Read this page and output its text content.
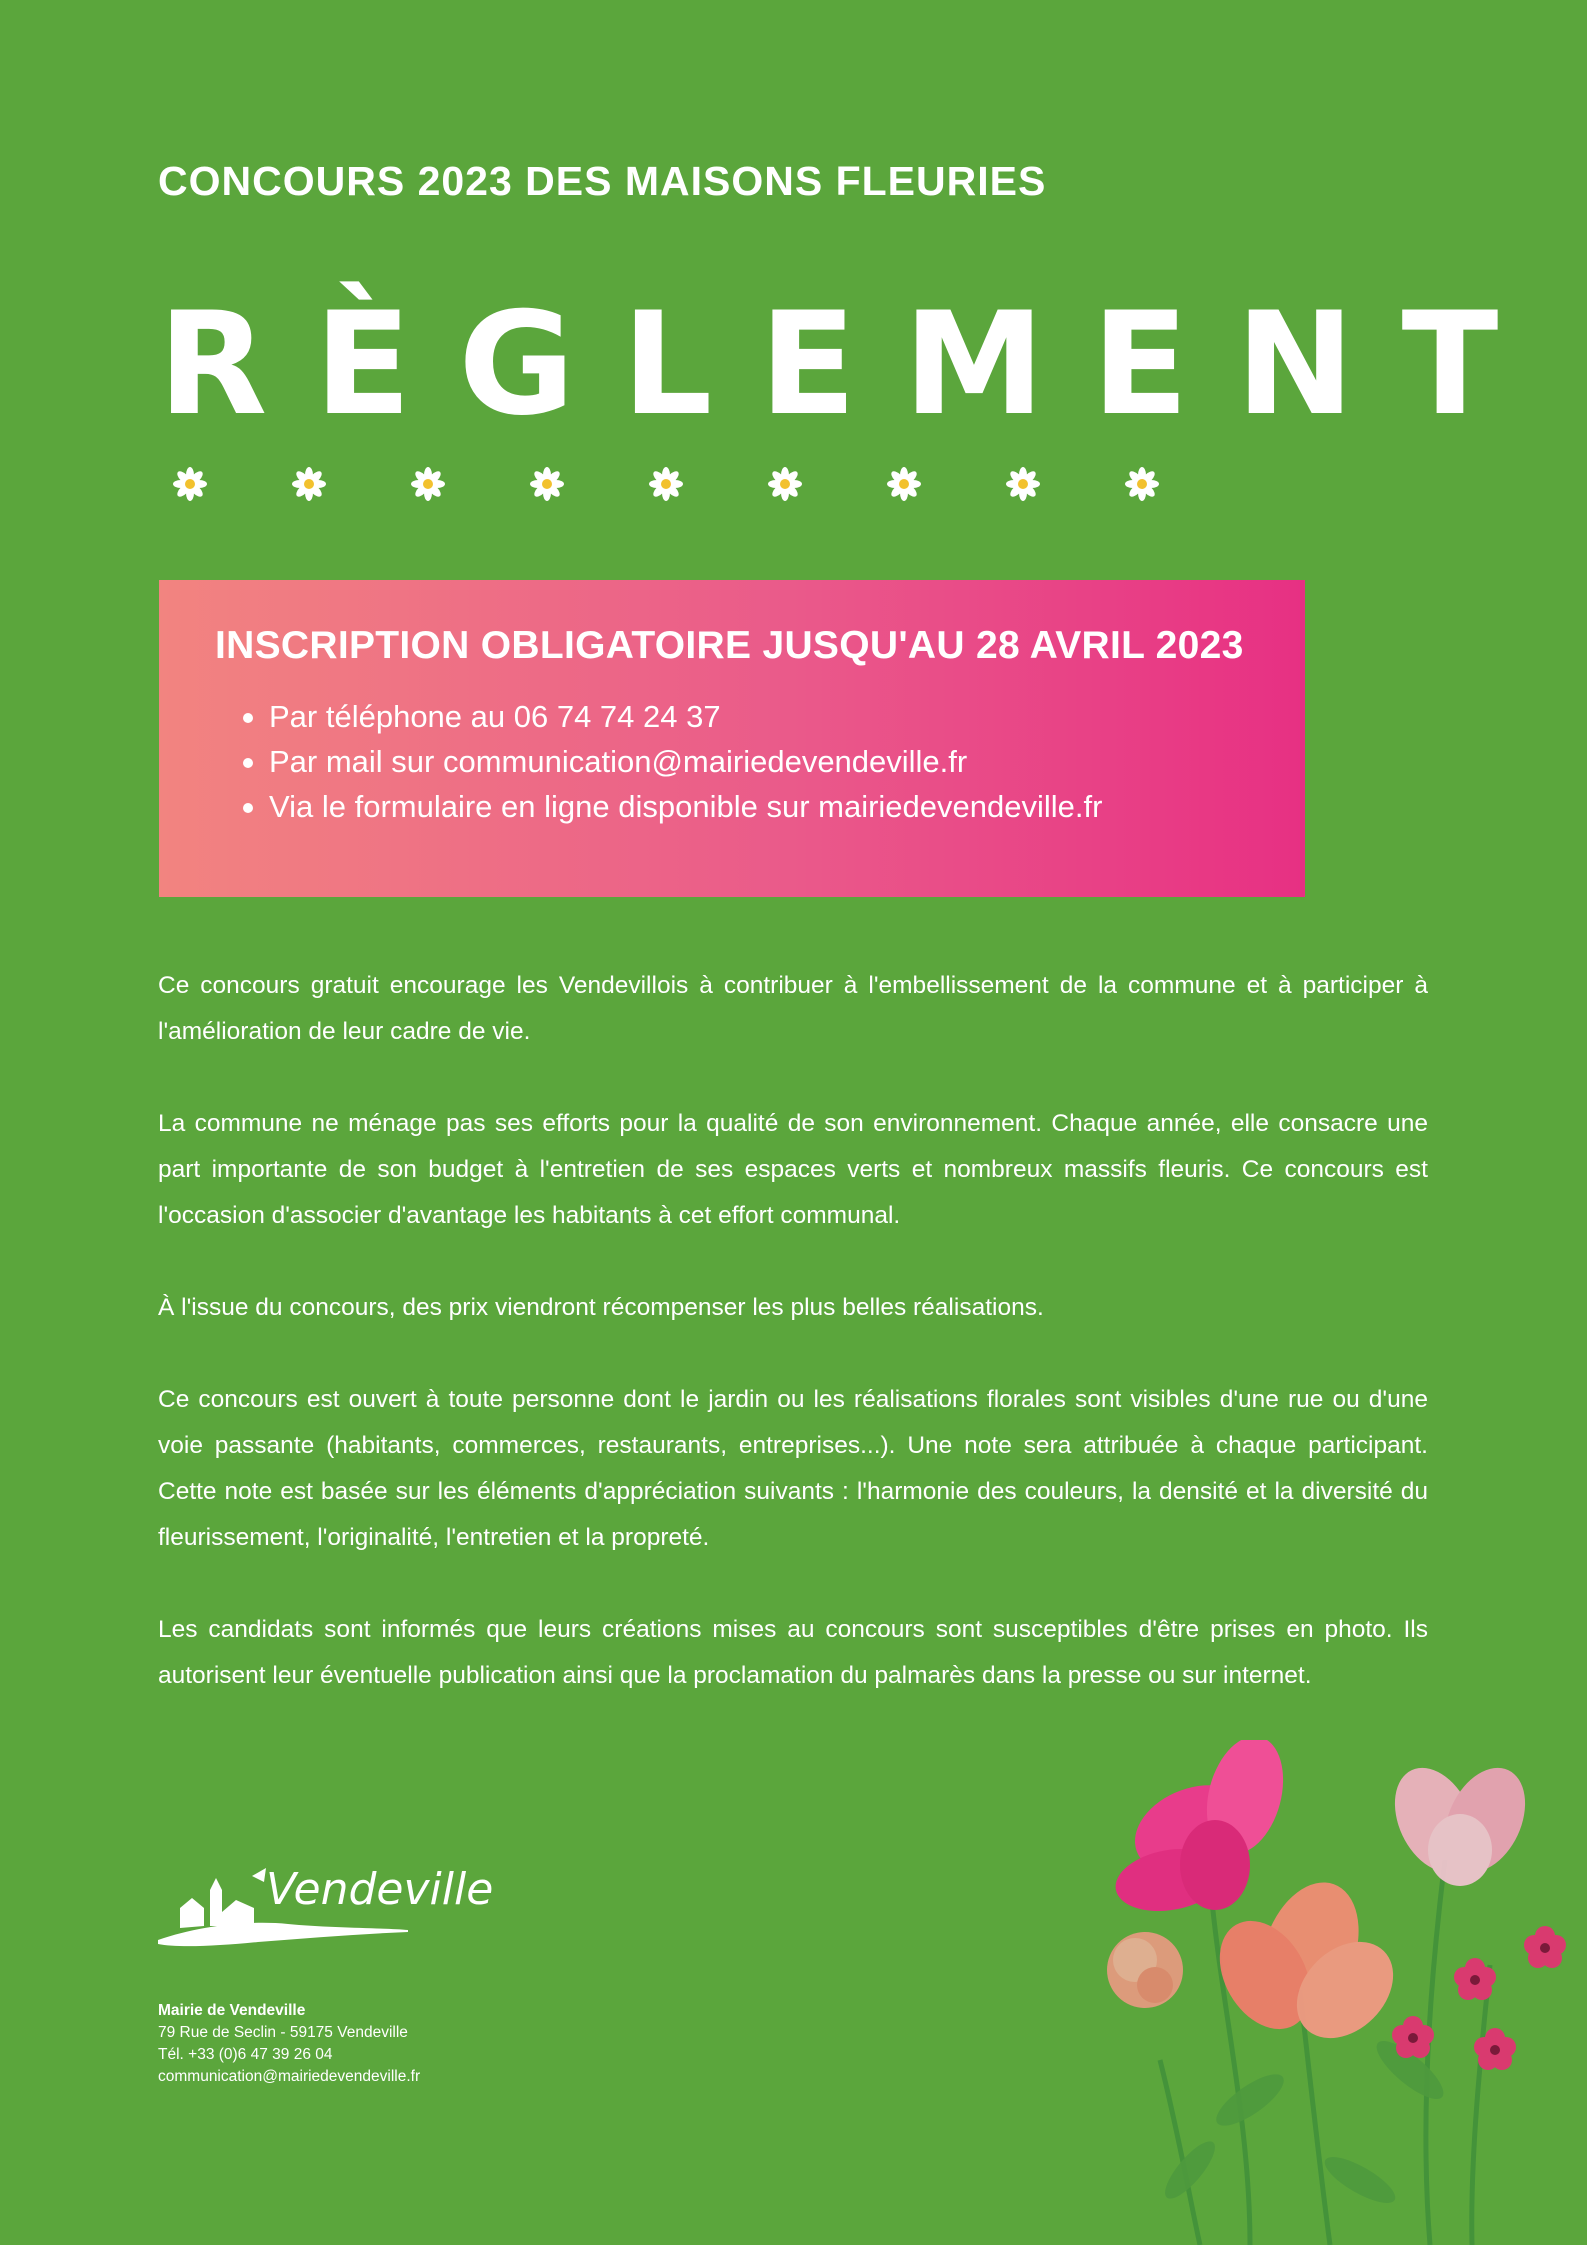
CONCOURS 2023 DES MAISONS FLEURIES
RÈGLEMENT
INSCRIPTION OBLIGATOIRE JUSQU'AU 28 AVRIL 2023
Par téléphone au 06 74 74 24 37
Par mail sur communication@mairiedevendeville.fr
Via le formulaire en ligne disponible sur mairiedevendeville.fr

Ce concours gratuit encourage les Vendevillois à contribuer à l'embellissement de la commune et à participer à l'amélioration de leur cadre de vie.

La commune ne ménage pas ses efforts pour la qualité de son environnement. Chaque année, elle consacre une part importante de son budget à l'entretien de ses espaces verts et nombreux massifs fleuris. Ce concours est l'occasion d'associer d'avantage les habitants à cet effort communal.

À l'issue du concours, des prix viendront récompenser les plus belles réalisations.

Ce concours est ouvert à toute personne dont le jardin ou les réalisations florales sont visibles d'une rue ou d'une voie passante (habitants, commerces, restaurants, entreprises...). Une note sera attribuée à chaque participant. Cette note est basée sur les éléments d'appréciation suivants : l'harmonie des couleurs, la densité et la diversité du fleurissement, l'originalité, l'entretien et la propreté.

Les candidats sont informés que leurs créations mises au concours sont susceptibles d'être prises en photo. Ils autorisent leur éventuelle publication ainsi que la proclamation du palmarès dans la presse ou sur internet.

Vendeville
Mairie de Vendeville
79 Rue de Seclin - 59175 Vendeville
Tél. +33 (0)6 47 39 26 04
communication@mairiedevendeville.fr
